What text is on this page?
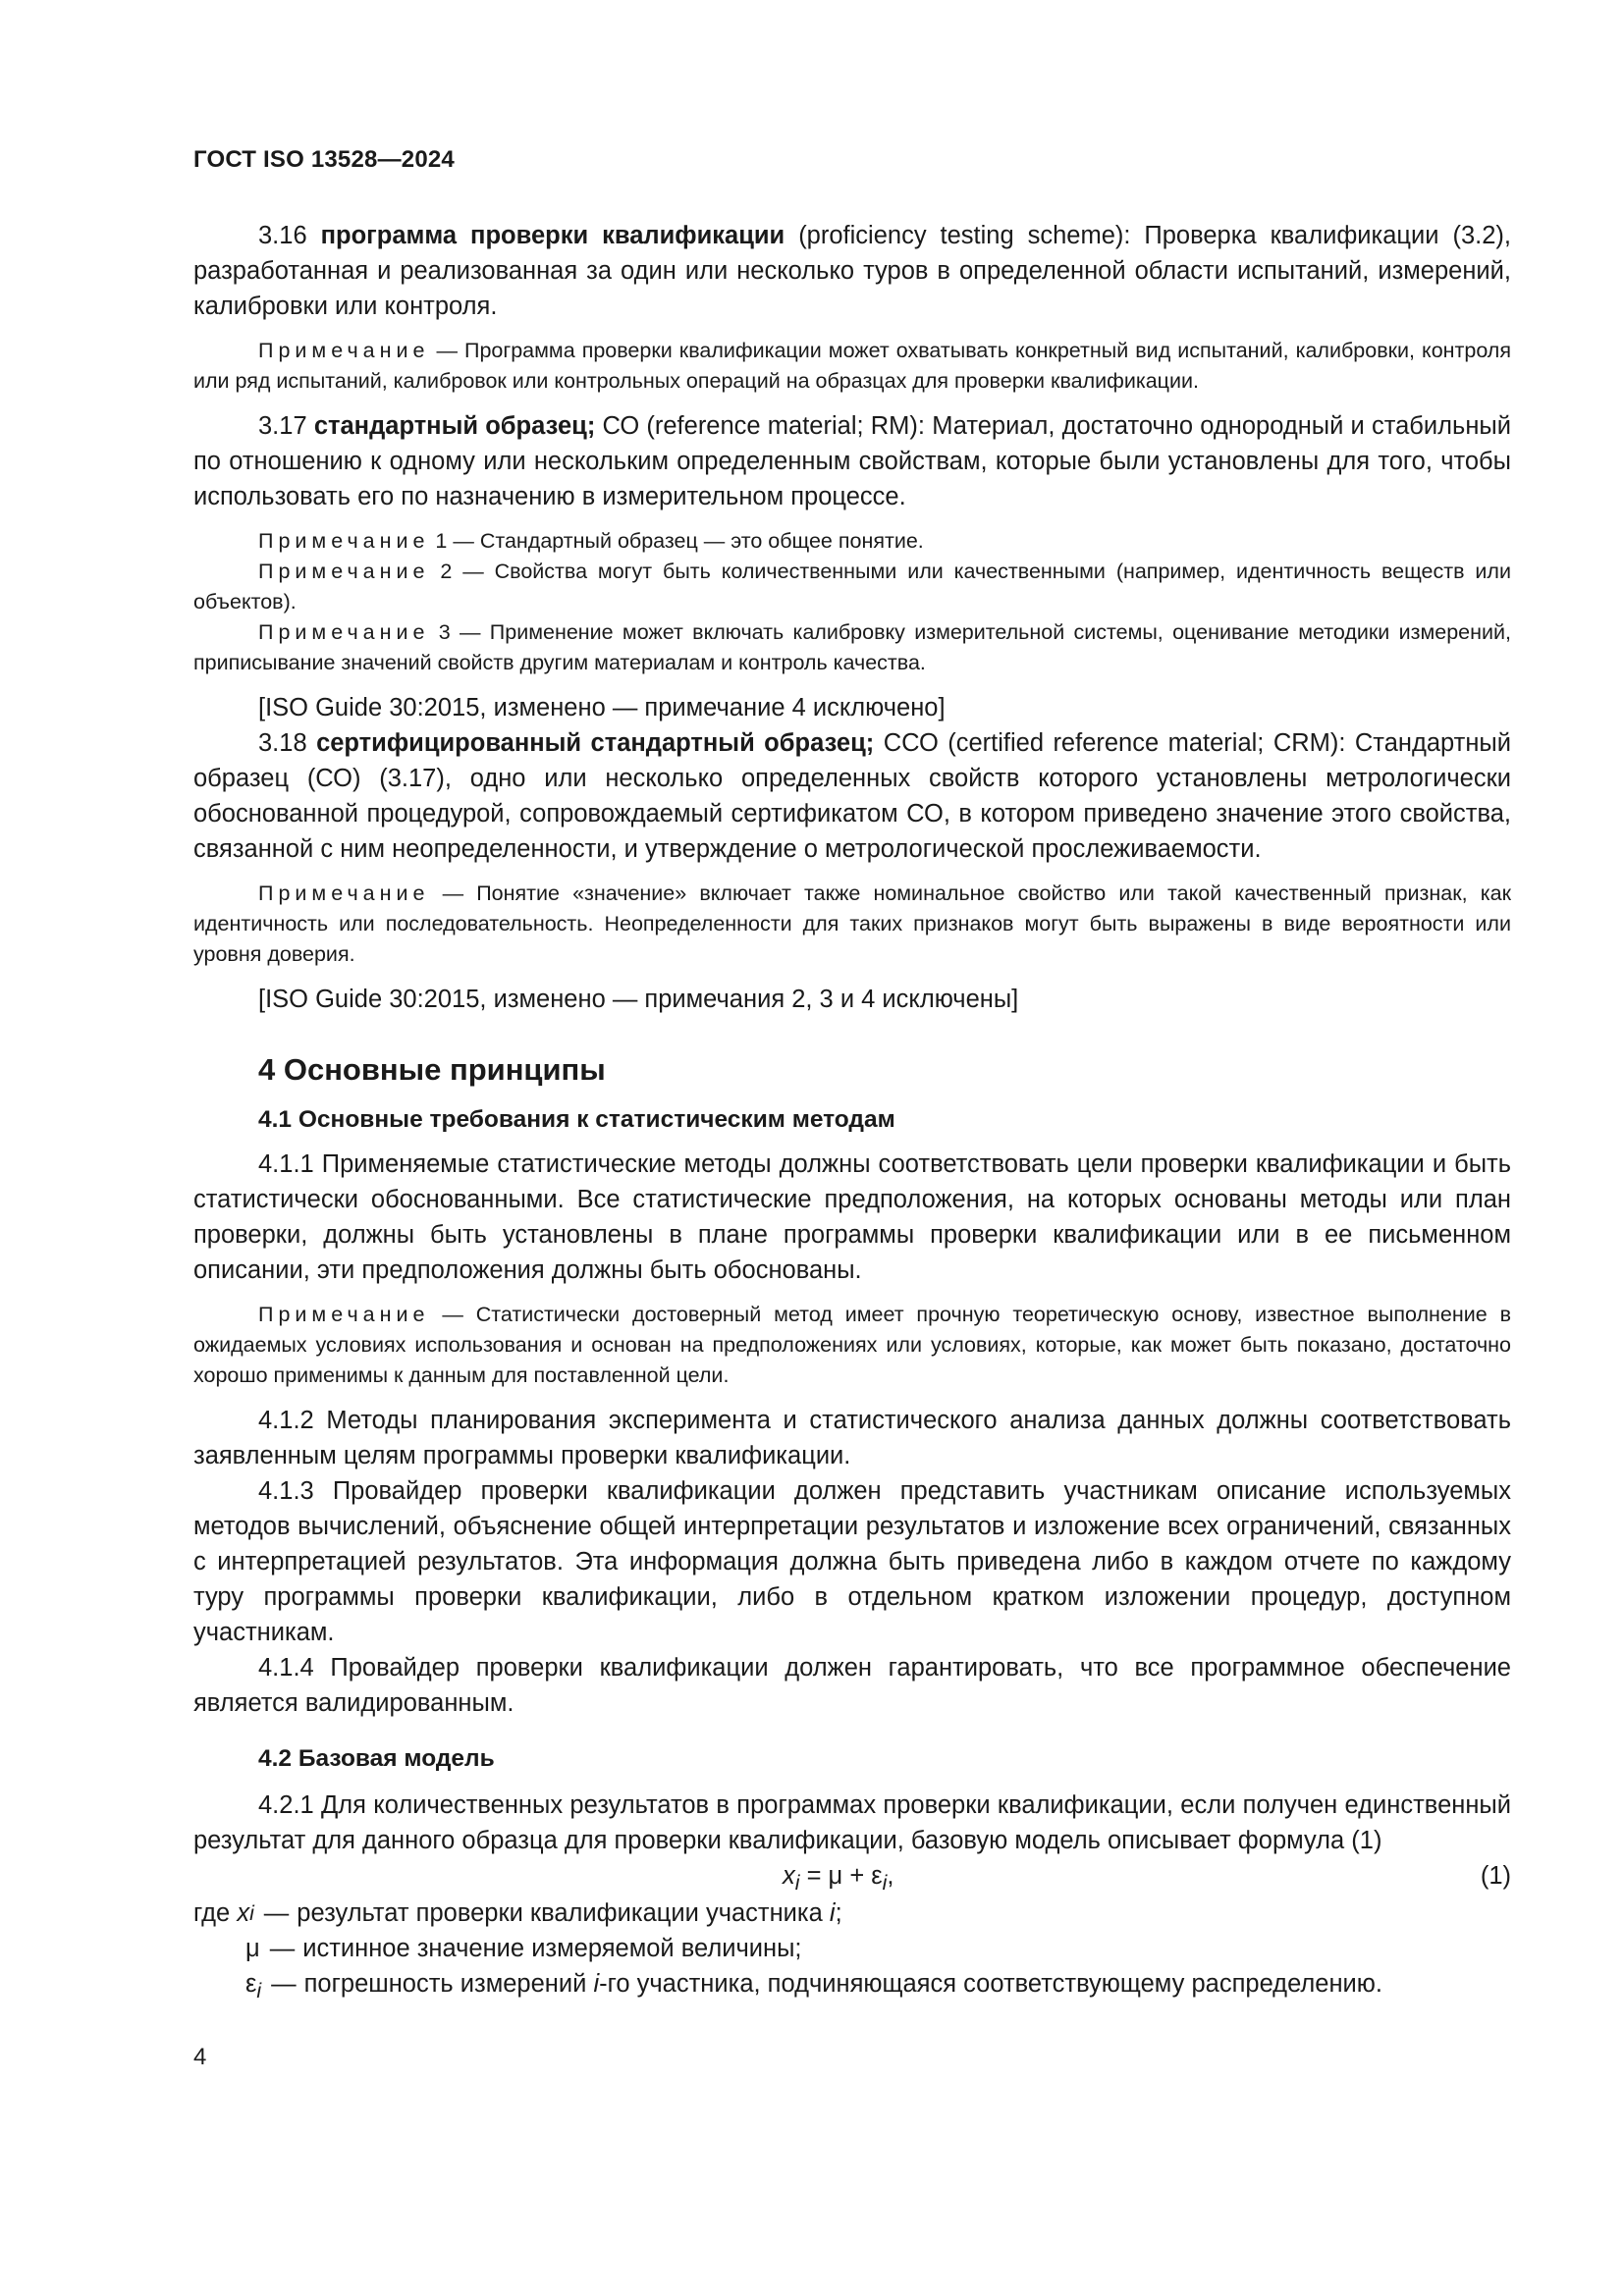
ГОСТ ISO 13528—2024

3.16 программа проверки квалификации (proficiency testing scheme): Проверка квалификации (3.2), разработанная и реализованная за один или несколько туров в определенной области испытаний, измерений, калибровки или контроля.

Примечание — Программа проверки квалификации может охватывать конкретный вид испытаний, калибровки, контроля или ряд испытаний, калибровок или контрольных операций на образцах для проверки квалификации.

3.17 стандартный образец; СО (reference material; RM): Материал, достаточно однородный и стабильный по отношению к одному или нескольким определенным свойствам, которые были установлены для того, чтобы использовать его по назначению в измерительном процессе.

Примечание 1 — Стандартный образец — это общее понятие.

Примечание 2 — Свойства могут быть количественными или качественными (например, идентичность веществ или объектов).

Примечание 3 — Применение может включать калибровку измерительной системы, оценивание методики измерений, приписывание значений свойств другим материалам и контроль качества.

[ISO Guide 30:2015, изменено — примечание 4 исключено]

3.18 сертифицированный стандартный образец; ССО (certified reference material; CRM): Стандартный образец (СО) (3.17), одно или несколько определенных свойств которого установлены метрологически обоснованной процедурой, сопровождаемый сертификатом СО, в котором приведено значение этого свойства, связанной с ним неопределенности, и утверждение о метрологической прослеживаемости.

Примечание — Понятие «значение» включает также номинальное свойство или такой качественный признак, как идентичность или последовательность. Неопределенности для таких признаков могут быть выражены в виде вероятности или уровня доверия.

[ISO Guide 30:2015, изменено — примечания 2, 3 и 4 исключены]

4 Основные принципы

4.1 Основные требования к статистическим методам

4.1.1 Применяемые статистические методы должны соответствовать цели проверки квалификации и быть статистически обоснованными. Все статистические предположения, на которых основаны методы или план проверки, должны быть установлены в плане программы проверки квалификации или в ее письменном описании, эти предположения должны быть обоснованы.

Примечание — Статистически достоверный метод имеет прочную теоретическую основу, известное выполнение в ожидаемых условиях использования и основан на предположениях или условиях, которые, как может быть показано, достаточно хорошо применимы к данным для поставленной цели.

4.1.2 Методы планирования эксперимента и статистического анализа данных должны соответствовать заявленным целям программы проверки квалификации.

4.1.3 Провайдер проверки квалификации должен представить участникам описание используемых методов вычислений, объяснение общей интерпретации результатов и изложение всех ограничений, связанных с интерпретацией результатов. Эта информация должна быть приведена либо в каждом отчете по каждому туру программы проверки квалификации, либо в отдельном кратком изложении процедур, доступном участникам.

4.1.4 Провайдер проверки квалификации должен гарантировать, что все программное обеспечение является валидированным.

4.2 Базовая модель

4.2.1 Для количественных результатов в программах проверки квалификации, если получен единственный результат для данного образца для проверки квалификации, базовую модель описывает формула (1)

$x_i = \mu + \varepsilon_i$,	(1)
где
x i — результат проверки квалификации участника i;
μ — истинное значение измеряемой величины;
$\varepsilon_i$ — погрешность измерений i-го участника, подчиняющаяся соответствующему распределению.
4
